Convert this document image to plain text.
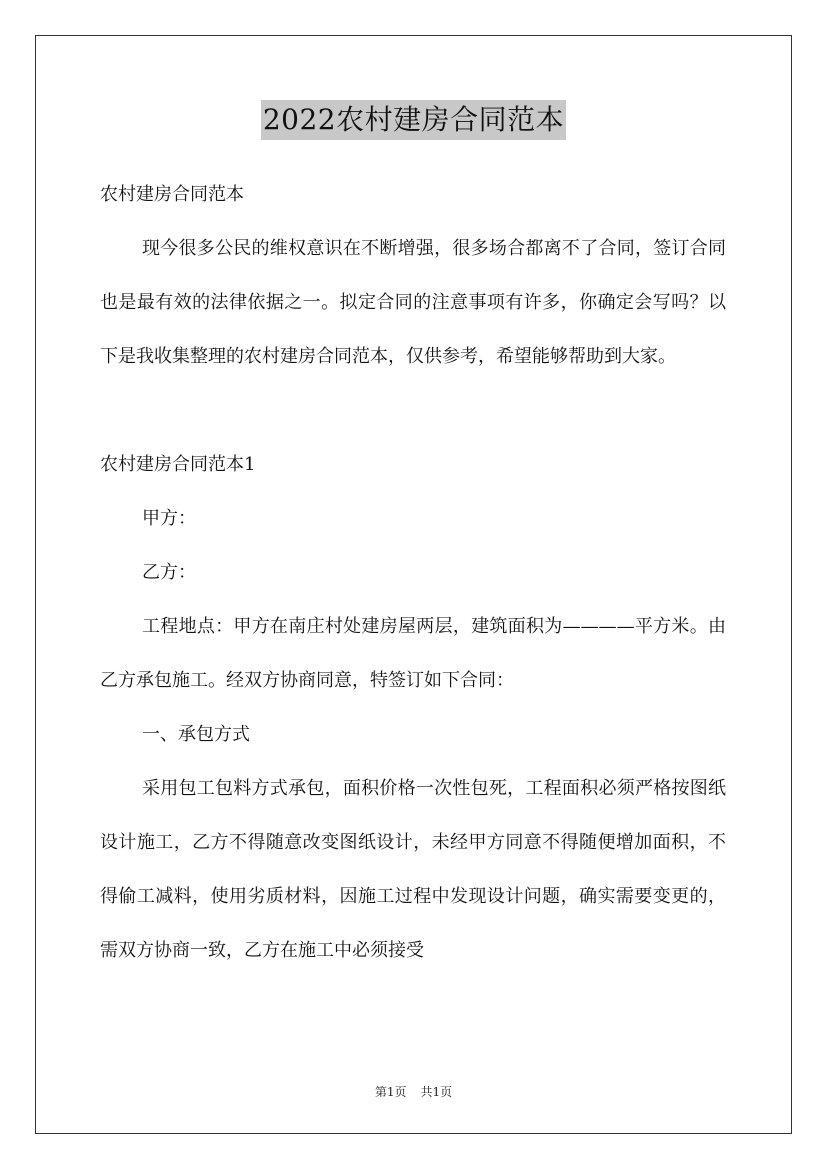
2022农村建房合同范本

农村建房合同范本

现今很多公民的维权意识在不断增强，很多场合都离不了合同，签订合同也是最有效的法律依据之一。拟定合同的注意事项有许多，你确定会写吗？以下是我收集整理的农村建房合同范本，仅供参考，希望能够帮助到大家。

农村建房合同范本1

甲方：

乙方：

工程地点：甲方在南庄村处建房屋两层，建筑面积为————平方米。由乙方承包施工。经双方协商同意，特签订如下合同：

一、承包方式

采用包工包料方式承包，面积价格一次性包死，工程面积必须严格按图纸设计施工，乙方不得随意改变图纸设计，未经甲方同意不得随便增加面积，不得偷工减料，使用劣质材料，因施工过程中发现设计问题，确实需要变更的，需双方协商一致，乙方在施工中必须接受

第1页 共1页
